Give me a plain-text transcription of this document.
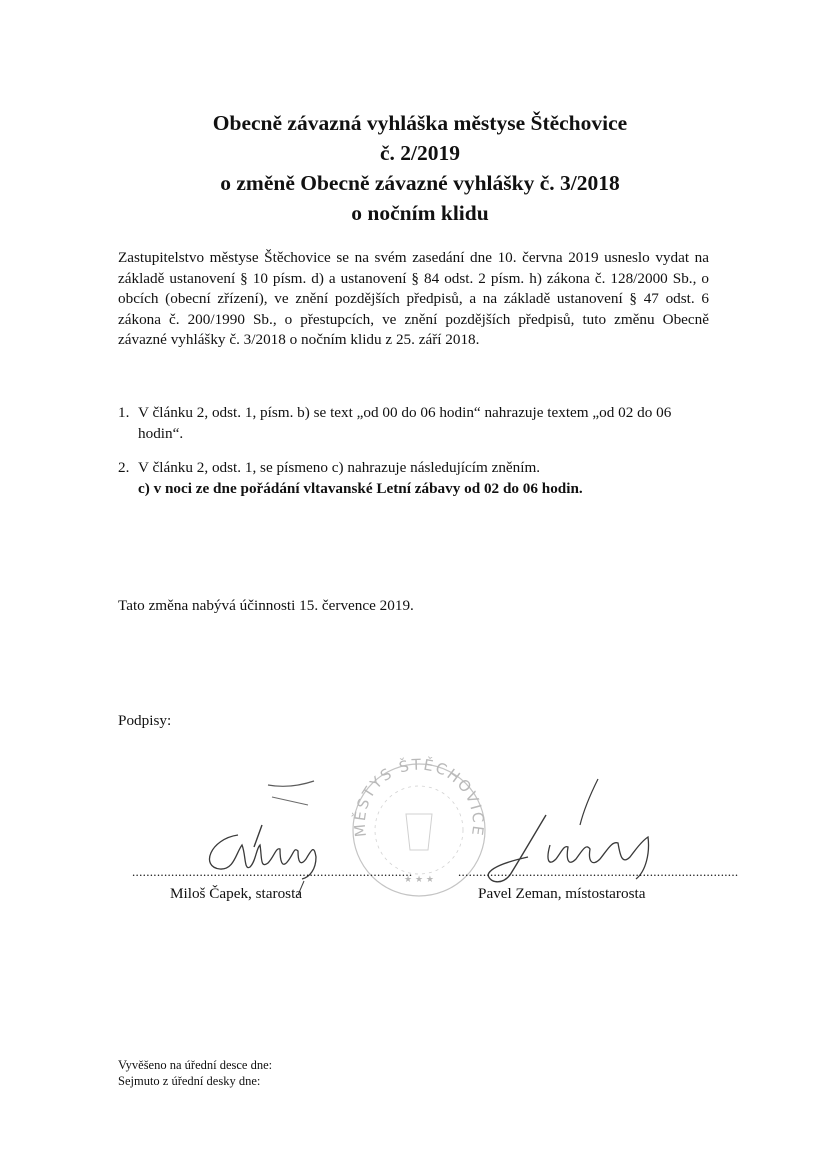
Obecně závazná vyhláška městyse Štěchovice
č. 2/2019
o změně Obecně závazné vyhlášky č. 3/2018
o nočním klidu

Zastupitelstvo městyse Štěchovice se na svém zasedání dne 10. června 2019 usneslo vydat na základě ustanovení § 10 písm. d) a ustanovení § 84 odst. 2 písm. h) zákona č. 128/2000 Sb., o obcích (obecní zřízení), ve znění pozdějších předpisů, a na základě ustanovení § 47 odst. 6 zákona č. 200/1990 Sb., o přestupcích, ve znění pozdějších předpisů, tuto změnu Obecně závazné vyhlášky č. 3/2018 o nočním klidu z 25. září 2018.

1. V článku 2, odst. 1, písm. b) se text „od 00 do 06 hodin“ nahrazuje textem „od 02 do 06 hodin“.
2. V článku 2, odst. 1, se písmeno c) nahrazuje následujícím zněním.
c) v noci ze dne pořádání vltavanské Letní zábavy od 02 do 06 hodin.

Tato změna nabývá účinnosti 15. července 2019.

Podpisy:

MĚSTYS ŠTĚCHOVICE
★ ★ ★
...............................................................................	...............................................................................

Miloš Čapek, starosta	Pavel Zeman, místostarosta

Vyvěšeno na úřední desce dne:
Sejmuto z úřední desky dne:
